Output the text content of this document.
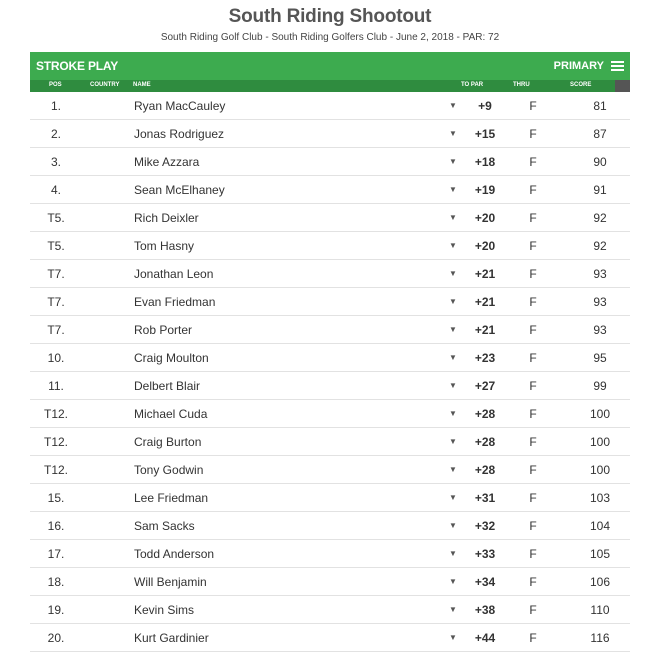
South Riding Shootout
South Riding Golf Club - South Riding Golfers Club - June 2, 2018 - PAR: 72
STROKE PLAY	PRIMARY
POS	COUNTRY NAME	TO PAR	THRU	SCORE
1.	Ryan MacCauley	▼	+9	F	81
2.	Jonas Rodriguez	▼	+15	F	87
3.	Mike Azzara	▼	+18	F	90
4.	Sean McElhaney	▼	+19	F	91
T5.	Rich Deixler	▼	+20	F	92
T5.	Tom Hasny	▼	+20	F	92
T7.	Jonathan Leon	▼	+21	F	93
T7.	Evan Friedman	▼	+21	F	93
T7.	Rob Porter	▼	+21	F	93
10.	Craig Moulton	▼	+23	F	95
11.	Delbert Blair	▼	+27	F	99
T12.	Michael Cuda	▼	+28	F	100
T12.	Craig Burton	▼	+28	F	100
T12.	Tony Godwin	▼	+28	F	100
15.	Lee Friedman	▼	+31	F	103
16.	Sam Sacks	▼	+32	F	104
17.	Todd Anderson	▼	+33	F	105
18.	Will Benjamin	▼	+34	F	106
19.	Kevin Sims	▼	+38	F	110
20.	Kurt Gardinier	▼	+44	F	116
